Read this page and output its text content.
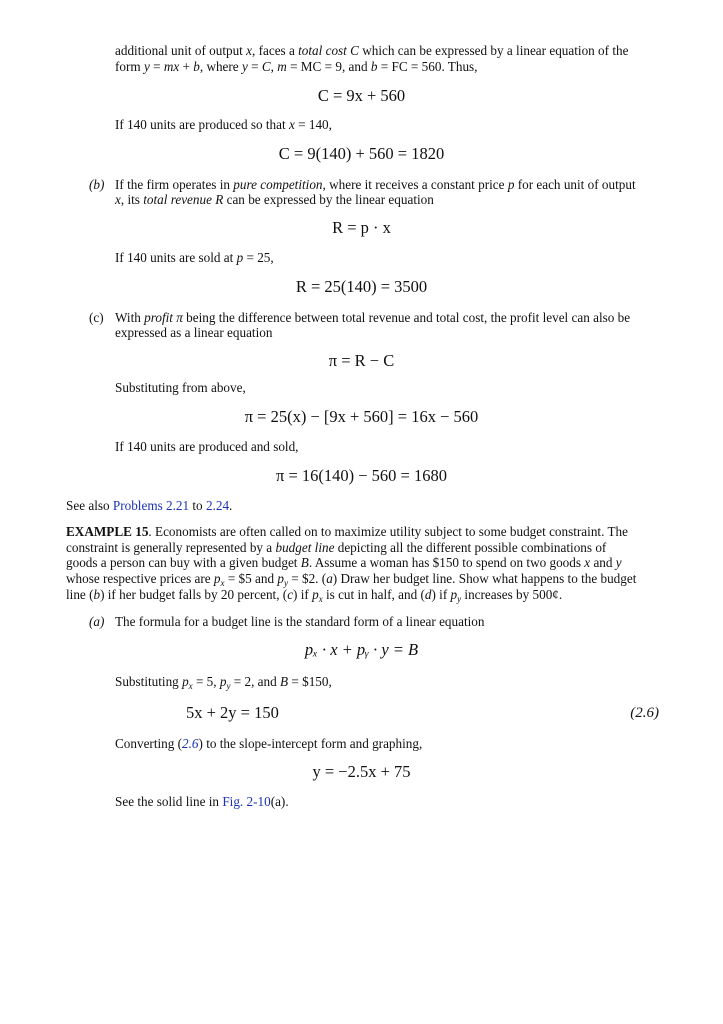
additional unit of output x, faces a total cost C which can be expressed by a linear equation of the
form y = mx + b, where y = C, m = MC = 9, and b = FC = 560. Thus,
C = 9x + 560
If 140 units are produced so that x = 140,
C = 9(140) + 560 = 1820
(b) If the firm operates in pure competition, where it receives a constant price p for each unit of output
x, its total revenue R can be expressed by the linear equation
R = p · x
If 140 units are sold at p = 25,
R = 25(140) = 3500
(c) With profit π being the difference between total revenue and total cost, the profit level can also be
expressed as a linear equation
π = R − C
Substituting from above,
π = 25(x) − [9x + 560] = 16x − 560
If 140 units are produced and sold,
π = 16(140) − 560 = 1680
See also Problems 2.21 to 2.24.
EXAMPLE 15. Economists are often called on to maximize utility subject to some budget constraint. The
constraint is generally represented by a budget line depicting all the different possible combinations of
goods a person can buy with a given budget B. Assume a woman has $150 to spend on two goods x and y
whose respective prices are $p_x$ = $5 and $p_y$ = $2. (a) Draw her budget line. Show what happens to the budget
line (b) if her budget falls by 20 percent, (c) if $p_x$ is cut in half, and (d) if $p_y$ increases by 500¢.
(a) The formula for a budget line is the standard form of a linear equation
pₓ · x + pᵧ · y = B
Substituting $p_x = 5$, $p_y = 2$, and B = $150,
5x + 2y = 150	(2.6)
Converting (2.6) to the slope-intercept form and graphing,
y = −2.5x + 75
See the solid line in Fig. 2-10(a).
